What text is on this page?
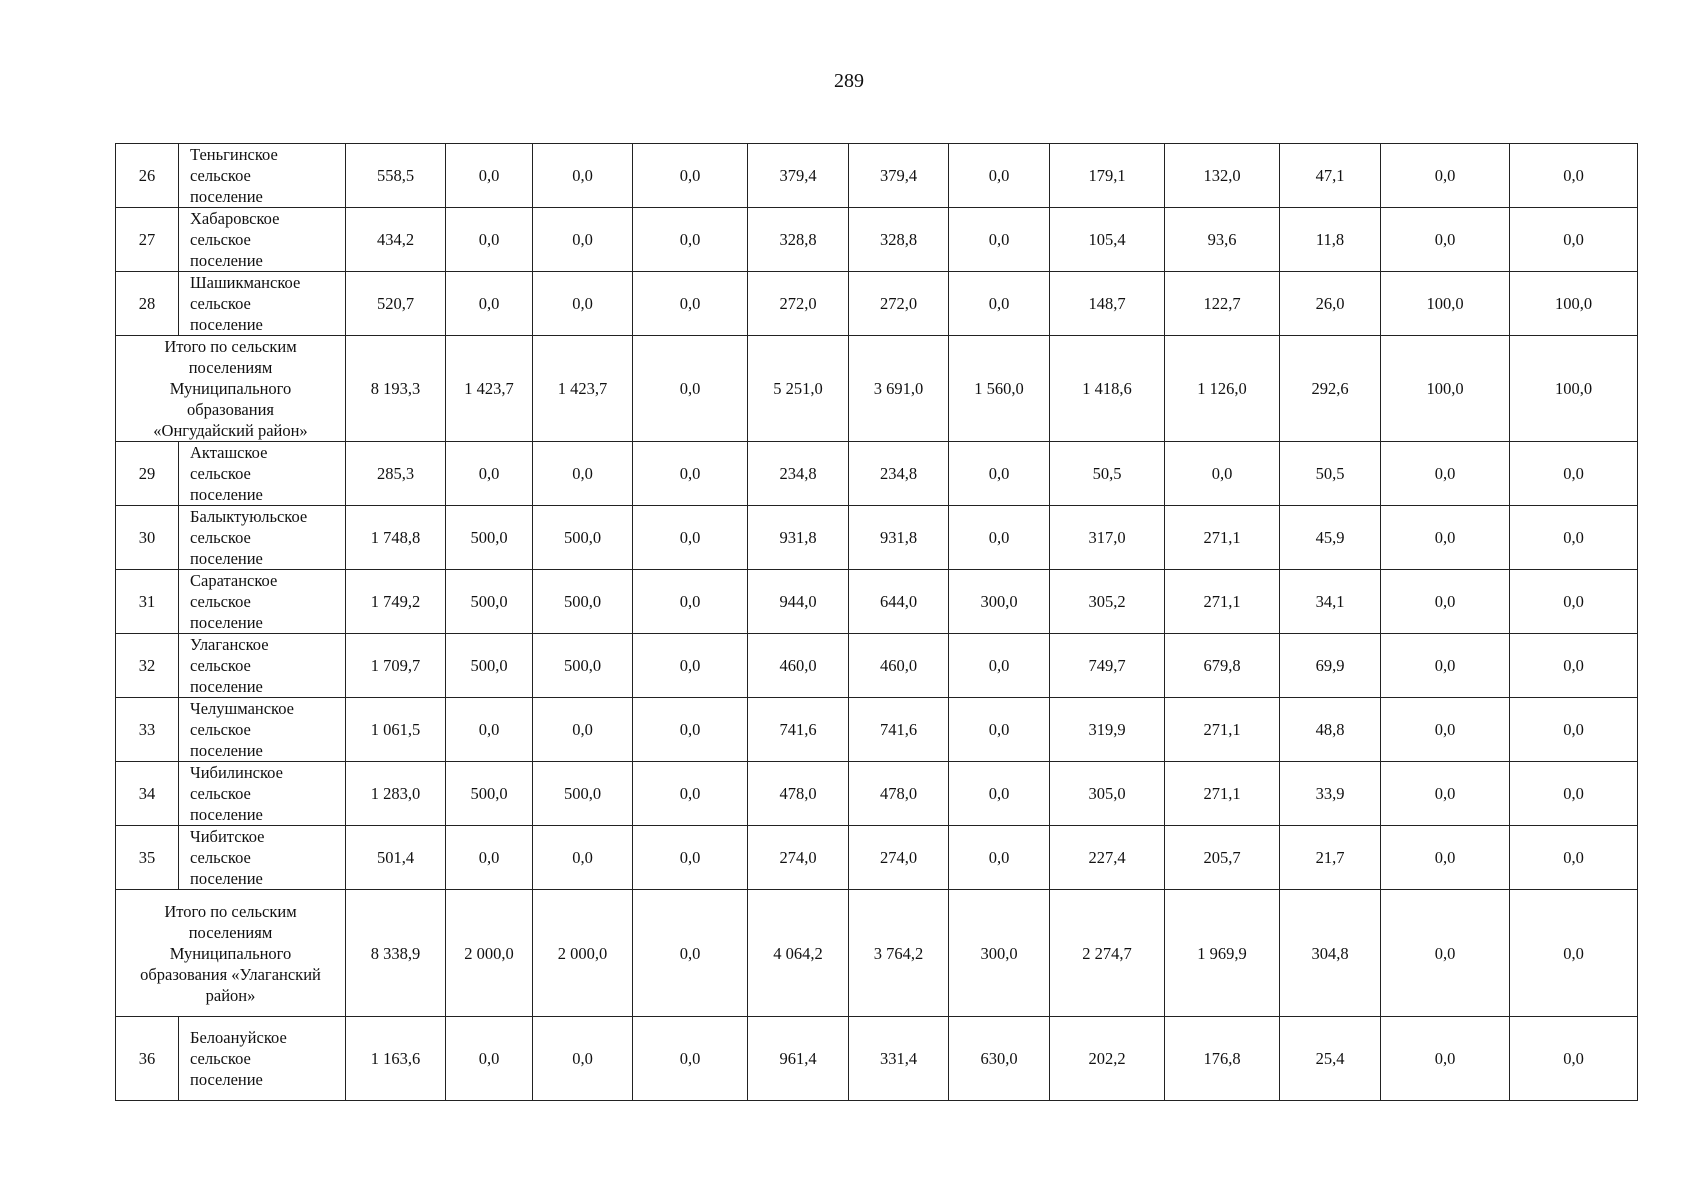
289
26	Теньгинское
сельское
поселение	558,5	0,0	0,0	0,0	379,4	379,4	0,0	179,1	132,0	47,1	0,0	0,0
27	Хабаровское
сельское
поселение	434,2	0,0	0,0	0,0	328,8	328,8	0,0	105,4	93,6	11,8	0,0	0,0
28	Шашикманское
сельское
поселение	520,7	0,0	0,0	0,0	272,0	272,0	0,0	148,7	122,7	26,0	100,0	100,0
Итого по сельским
поселениям
Муниципального
образования
«Онгудайский район»		8 193,3	1 423,7	1 423,7	0,0	5 251,0	3 691,0	1 560,0	1 418,6	1 126,0	292,6	100,0	100,0
29	Акташское
сельское
поселение	285,3	0,0	0,0	0,0	234,8	234,8	0,0	50,5	0,0	50,5	0,0	0,0
30	Балыктуюльское
сельское
поселение	1 748,8	500,0	500,0	0,0	931,8	931,8	0,0	317,0	271,1	45,9	0,0	0,0
31	Саратанское
сельское
поселение	1 749,2	500,0	500,0	0,0	944,0	644,0	300,0	305,2	271,1	34,1	0,0	0,0
32	Улаганское
сельское
поселение	1 709,7	500,0	500,0	0,0	460,0	460,0	0,0	749,7	679,8	69,9	0,0	0,0
33	Челушманское
сельское
поселение	1 061,5	0,0	0,0	0,0	741,6	741,6	0,0	319,9	271,1	48,8	0,0	0,0
34	Чибилинское
сельское
поселение	1 283,0	500,0	500,0	0,0	478,0	478,0	0,0	305,0	271,1	33,9	0,0	0,0
35	Чибитское
сельское
поселение	501,4	0,0	0,0	0,0	274,0	274,0	0,0	227,4	205,7	21,7	0,0	0,0
Итого по сельским
поселениям
Муниципального
образования «Улаганский
район»		8 338,9	2 000,0	2 000,0	0,0	4 064,2	3 764,2	300,0	2 274,7	1 969,9	304,8	0,0	0,0
36	Белоануйское
сельское
поселение	1 163,6	0,0	0,0	0,0	961,4	331,4	630,0	202,2	176,8	25,4	0,0	0,0
